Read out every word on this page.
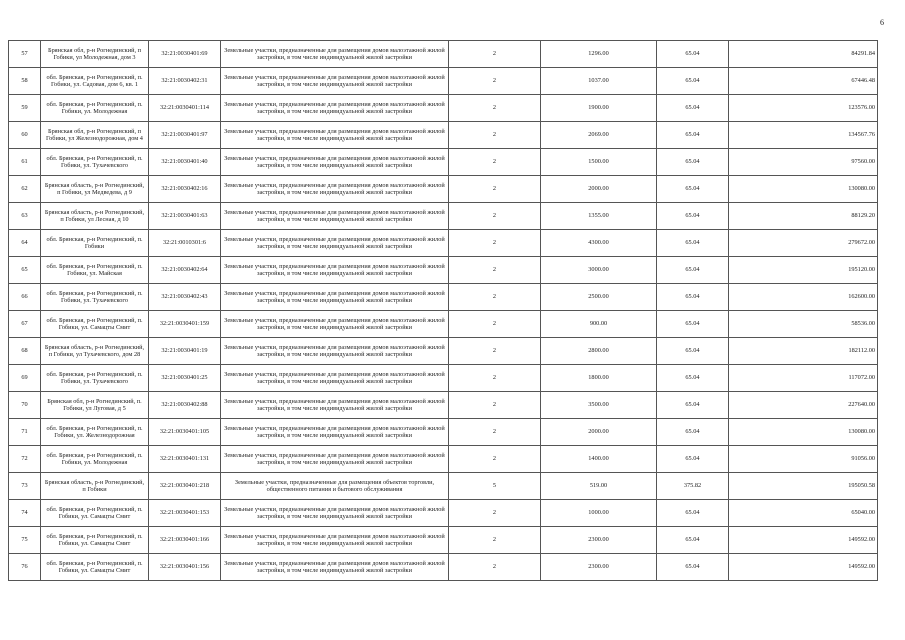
6
57	Брянская обл, р-н Рогнединский, п Гобики, ул Молодежная, дом 3	32:21:0030401:69	Земельные участки, предназначенные для размещения домов малоэтажной жилой застройки, в том числе индивидуальной жилой застройки	2	1296.00	65.04	84291.84
58	обл. Брянская, р-н Рогнединский, п. Гобики, ул. Садовая, дом 6, кв. 1	32:21:0030402:31	Земельные участки, предназначенные для размещения домов малоэтажной жилой застройки, в том числе индивидуальной жилой застройки	2	1037.00	65.04	67446.48
59	обл. Брянская, р-н Рогнединский, п. Гобики, ул. Молодежная	32:21:0030401:114	Земельные участки, предназначенные для размещения домов малоэтажной жилой застройки, в том числе индивидуальной жилой застройки	2	1900.00	65.04	123576.00
60	Брянская обл, р-н Рогнединский, п Гобики, ул Железнодорожная, дом 4	32:21:0030401:97	Земельные участки, предназначенные для размещения домов малоэтажной жилой застройки, в том числе индивидуальной жилой застройки	2	2069.00	65.04	134567.76
61	обл. Брянская, р-н Рогнединский, п. Гобики, ул. Тухачевского	32:21:0030401:40	Земельные участки, предназначенные для размещения домов малоэтажной жилой застройки, в том числе индивидуальной жилой застройки	2	1500.00	65.04	97560.00
62	Брянская область, р-н Рогнединский, п Гобики, ул Медведева, д 9	32:21:0030402:16	Земельные участки, предназначенные для размещения домов малоэтажной жилой застройки, в том числе индивидуальной жилой застройки	2	2000.00	65.04	130080.00
63	Брянская область, р-н Рогнединский, п Гобики, ул Лесная, д 10	32:21:0030401:63	Земельные участки, предназначенные для размещения домов малоэтажной жилой застройки, в том числе индивидуальной жилой застройки	2	1355.00	65.04	88129.20
64	обл. Брянская, р-н Рогнединский, п. Гобики	32:21:0010301:6	Земельные участки, предназначенные для размещения домов малоэтажной жилой застройки, в том числе индивидуальной жилой застройки	2	4300.00	65.04	279672.00
65	обл. Брянская, р-н Рогнединский, п. Гобики, ул. Майская	32:21:0030402:64	Земельные участки, предназначенные для размещения домов малоэтажной жилой застройки, в том числе индивидуальной жилой застройки	2	3000.00	65.04	195120.00
66	обл. Брянская, р-н Рогнединский, п. Гобики, ул. Тухачевского	32:21:0030402:43	Земельные участки, предназначенные для размещения домов малоэтажной жилой застройки, в том числе индивидуальной жилой застройки	2	2500.00	65.04	162600.00
67	обл. Брянская, р-н Рогнединский, п. Гобики, ул. Самацты Смит	32:21:0030401:159	Земельные участки, предназначенные для размещения домов малоэтажной жилой застройки, в том числе индивидуальной жилой застройки	2	900.00	65.04	58536.00
68	Брянская область, р-н Рогнединский, п Гобики, ул Тухачевского, дом 28	32:21:0030401:19	Земельные участки, предназначенные для размещения домов малоэтажной жилой застройки, в том числе индивидуальной жилой застройки	2	2800.00	65.04	182112.00
69	обл. Брянская, р-н Рогнединский, п. Гобики, ул. Тухачевского	32:21:0030401:25	Земельные участки, предназначенные для размещения домов малоэтажной жилой застройки, в том числе индивидуальной жилой застройки	2	1800.00	65.04	117072.00
70	Брянская обл, р-н Рогнединский, п. Гобики, ул Луговая, д 5	32:21:0030402:88	Земельные участки, предназначенные для размещения домов малоэтажной жилой застройки, в том числе индивидуальной жилой застройки	2	3500.00	65.04	227640.00
71	обл. Брянская, р-н Рогнединский, п. Гобики, ул. Железнодорожная	32:21:0030401:105	Земельные участки, предназначенные для размещения домов малоэтажной жилой застройки, в том числе индивидуальной жилой застройки	2	2000.00	65.04	130080.00
72	обл. Брянская, р-н Рогнединский, п. Гобики, ул. Молодежная	32:21:0030401:131	Земельные участки, предназначенные для размещения домов малоэтажной жилой застройки, в том числе индивидуальной жилой застройки	2	1400.00	65.04	91056.00
73	Брянская область, р-н Рогнединский, п Гобики	32:21:0030401:218	Земельные участки, предназначенные для размещения объектов торговли, общественного питания и бытового обслуживания	5	519.00	375.82	195050.58
74	обл. Брянская, р-н Рогнединский, п. Гобики, ул. Самацты Смит	32:21:0030401:153	Земельные участки, предназначенные для размещения домов малоэтажной жилой застройки, в том числе индивидуальной жилой застройки	2	1000.00	65.04	65040.00
75	обл. Брянская, р-н Рогнединский, п. Гобики, ул. Самацты Смит	32:21:0030401:166	Земельные участки, предназначенные для размещения домов малоэтажной жилой застройки, в том числе индивидуальной жилой застройки	2	2300.00	65.04	149592.00
76	обл. Брянская, р-н Рогнединский, п. Гобики, ул. Самацты Смит	32:21:0030401:156	Земельные участки, предназначенные для размещения домов малоэтажной жилой застройки, в том числе индивидуальной жилой застройки	2	2300.00	65.04	149592.00
